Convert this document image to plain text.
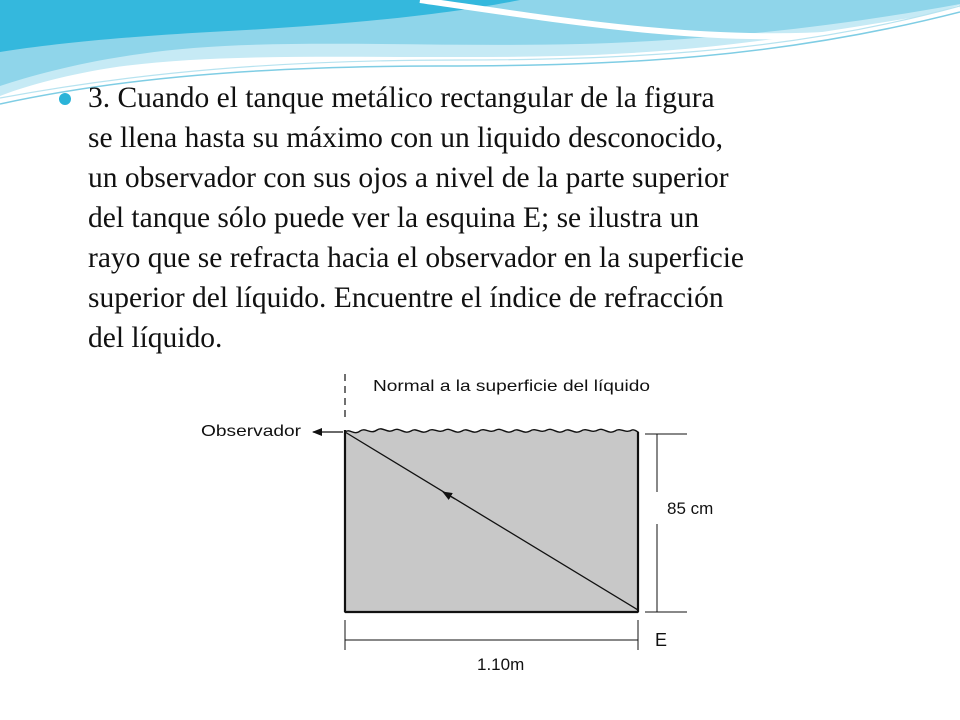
3. Cuando el tanque metálico rectangular de la figura
se llena hasta su máximo con un liquido desconocido,
un observador con sus ojos a nivel de la parte superior
del tanque sólo puede ver la esquina E; se ilustra un
rayo que se refracta hacia el observador en la superficie
superior del líquido. Encuentre el índice de refracción
del líquido.

Normal a la superficie del líquido
Observador
85 cm
E
1.10m
